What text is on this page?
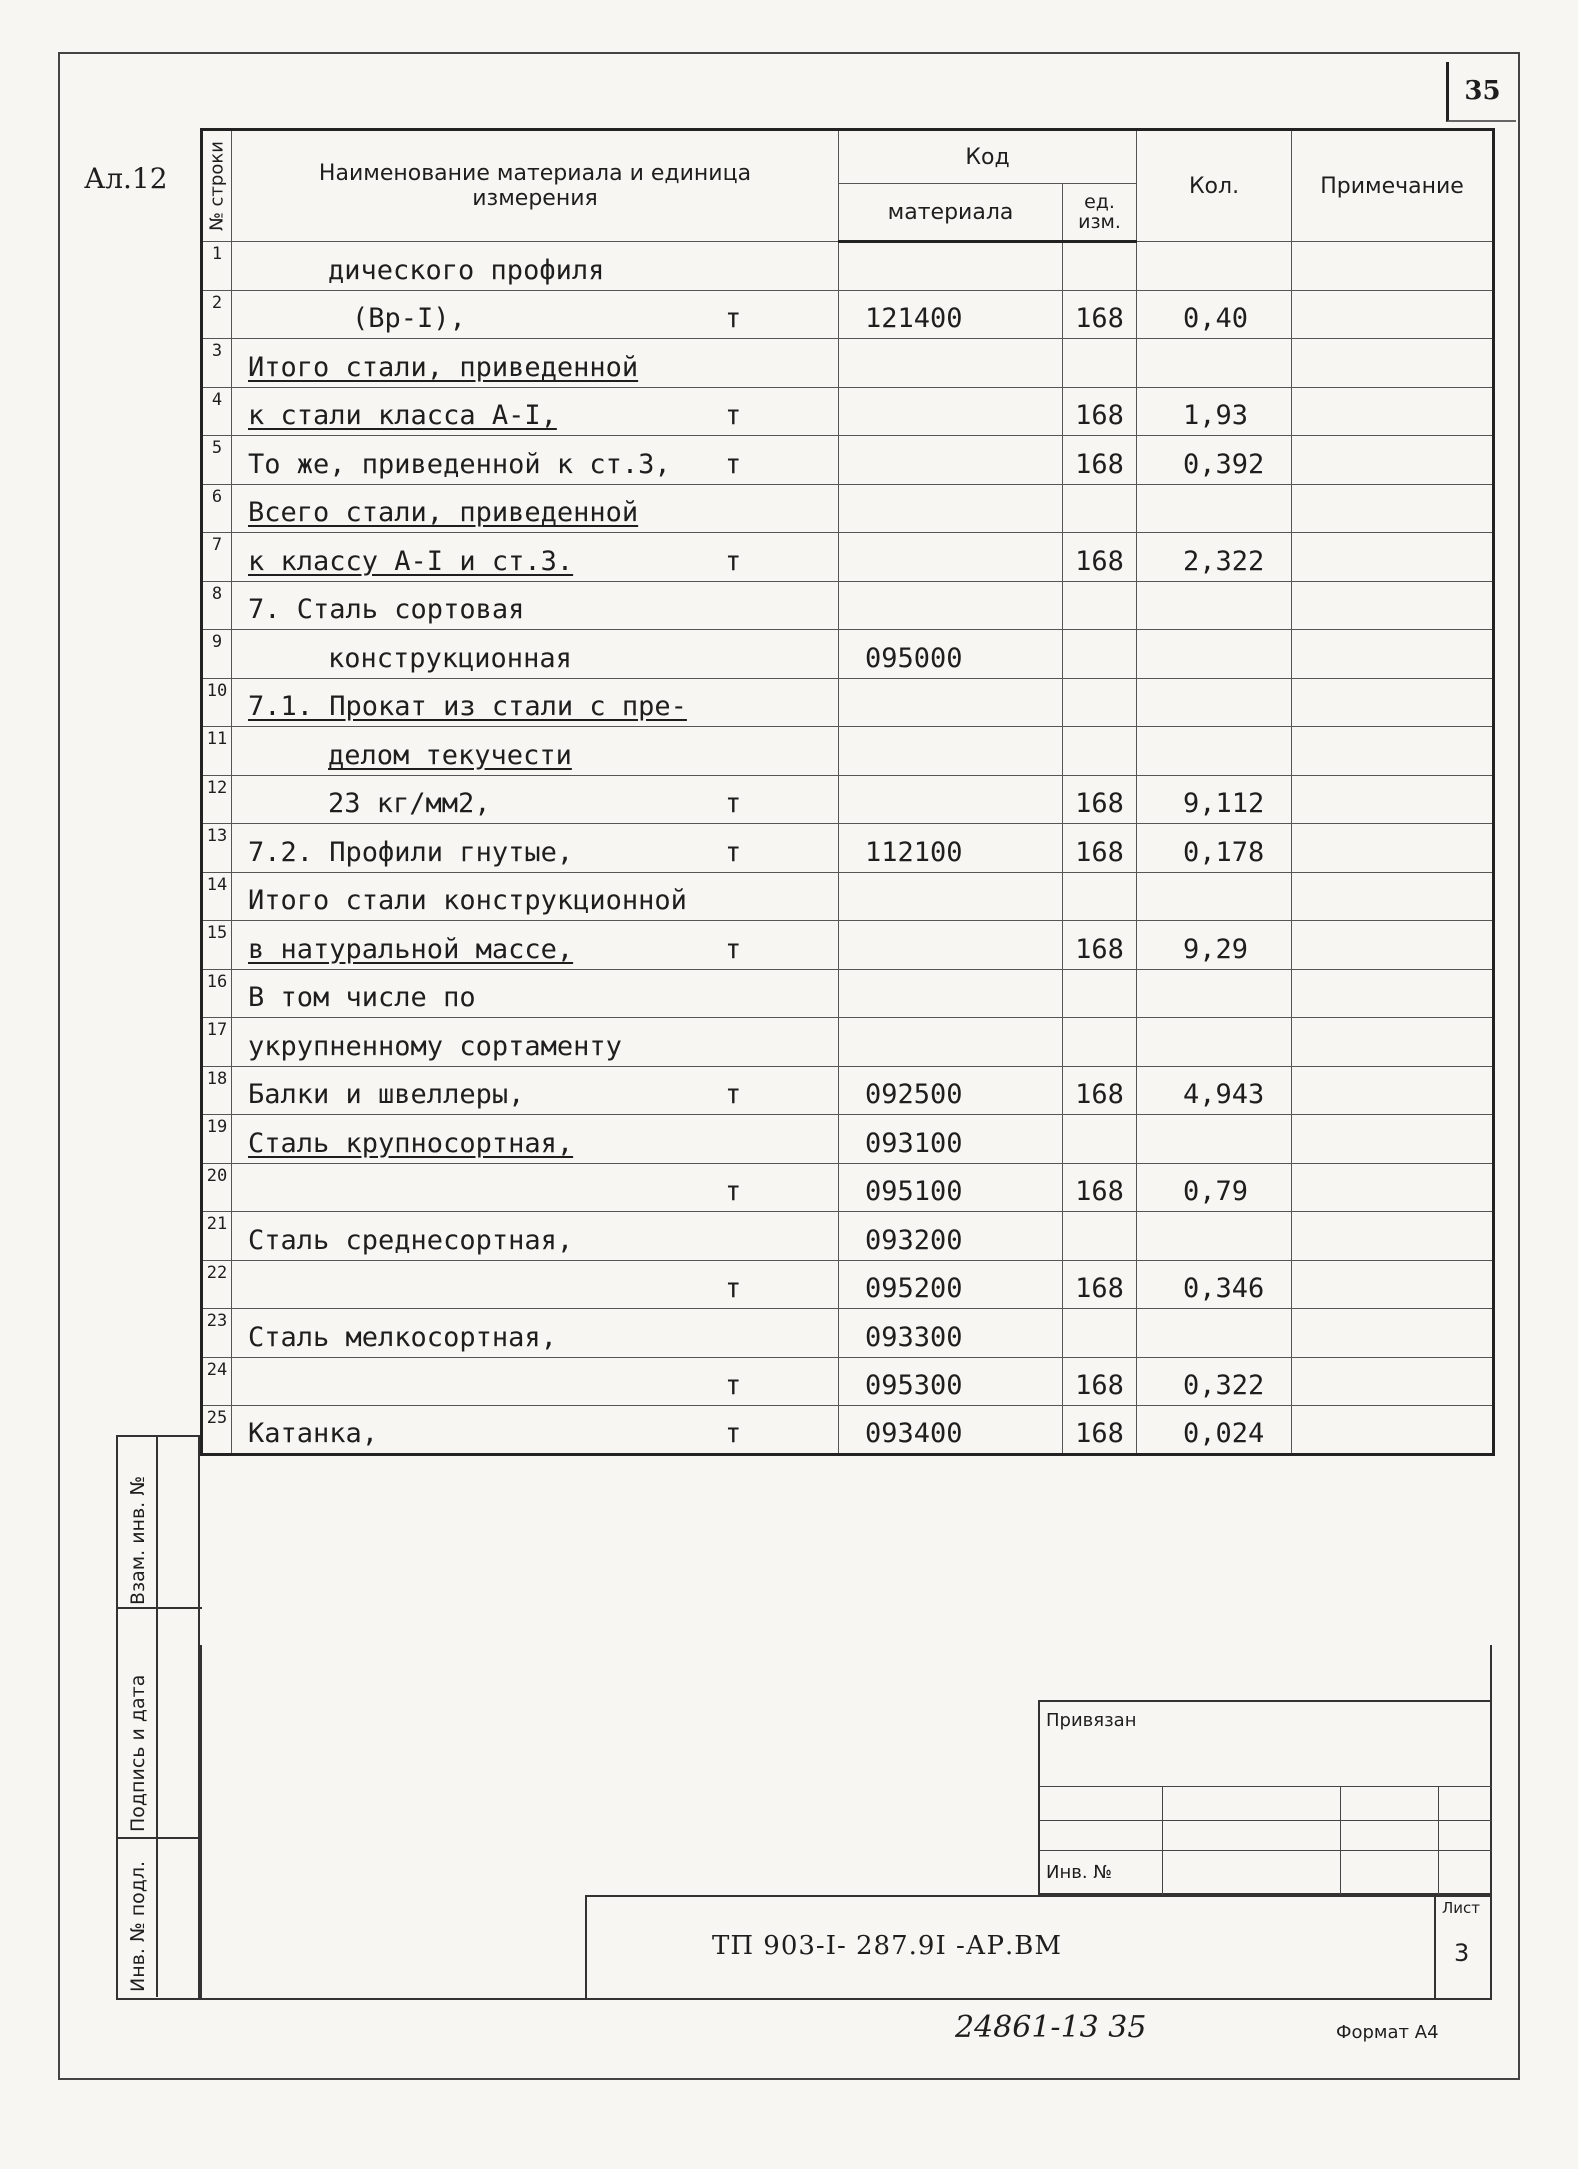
35
Ал.12 № строки	Наименование материала и единица измерения	Код		Кол.	Примечание
		материала	ед. изм.		
1	дического профиля

2	(Вр-I), т	121400	168	0,40	
3	Итого стали, приведенной

4	к стали класса А-I, т		168	1,93	
5	То же, приведенной к ст.3, т		168	0,392	
6	Всего стали, приведенной

7	к классу А-I и ст.3. т		168	2,322	
8	7. Сталь сортовая

9	конструкционная	095000			
10	7.1. Прокат из стали с пре-

11	делом текучести

12	23 кг/мм2, т		168	9,112	
13	7.2. Профили гнутые, т	112100	168	0,178	
14	Итого стали конструкционной

15	в натуральной массе, т		168	9,29	
16	В том числе по

17	укрупненному сортаменту

18	Балки и швеллеры, т	092500	168	4,943	
19	Сталь крупносортная,	093100			
20	т	095100	168	0,79	
21	Сталь среднесортная,	093200			
22	т	095200	168	0,346	
23	Сталь мелкосортная,	093300			
24	т	095300	168	0,322	
25	Катанка, т	093400	168	0,024	
Взам. инв. №
Подпись и дата
Инв. № подл.
Привязан
Инв. №
ТП 903-I- 287.9I -АР.ВМ
Лист
3
24861-13 35	Формат А4
